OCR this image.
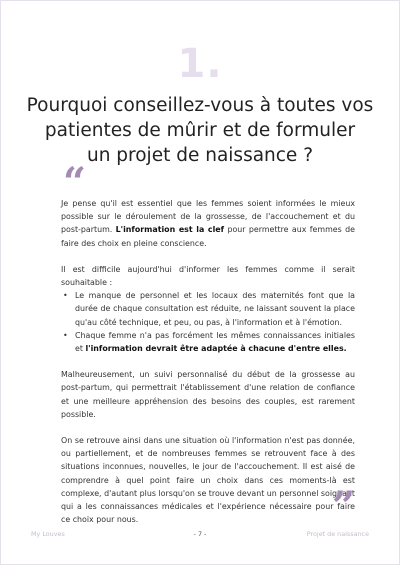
1.
Pourquoi conseillez-vous à toutes vos
patientes de mûrir et de formuler
un projet de naissance ?
“

Je pense qu'il est essentiel que les femmes soient informées le mieux possible sur le déroulement de la grossesse, de l'accouchement et du post-partum. L'information est la clef pour permettre aux femmes de faire des choix en pleine conscience.

Il est difficile aujourd'hui d'informer les femmes comme il serait souhaitable :

• Le manque de personnel et les locaux des maternités font que la durée de chaque consultation est réduite, ne laissant souvent la place qu'au côté technique, et peu, ou pas, à l'information et à l'émotion.
• Chaque femme n'a pas forcément les mêmes connaissances initiales et l'information devrait être adaptée à chacune d'entre elles.

Malheureusement, un suivi personnalisé du début de la grossesse au post-partum, qui permettrait l'établissement d'une relation de confiance et une meilleure appréhension des besoins des couples, est rarement possible.

On se retrouve ainsi dans une situation où l'information n'est pas donnée, ou partiellement, et de nombreuses femmes se retrouvent face à des situations inconnues, nouvelles, le jour de l'accouchement. Il est aisé de comprendre à quel point faire un choix dans ces moments-là est complexe, d'autant plus lorsqu'on se trouve devant un personnel soignant qui a les connaissances médicales et l'expérience nécessaire pour faire ce choix pour nous.	”
My Louves	- 7 -	Projet de naissance
